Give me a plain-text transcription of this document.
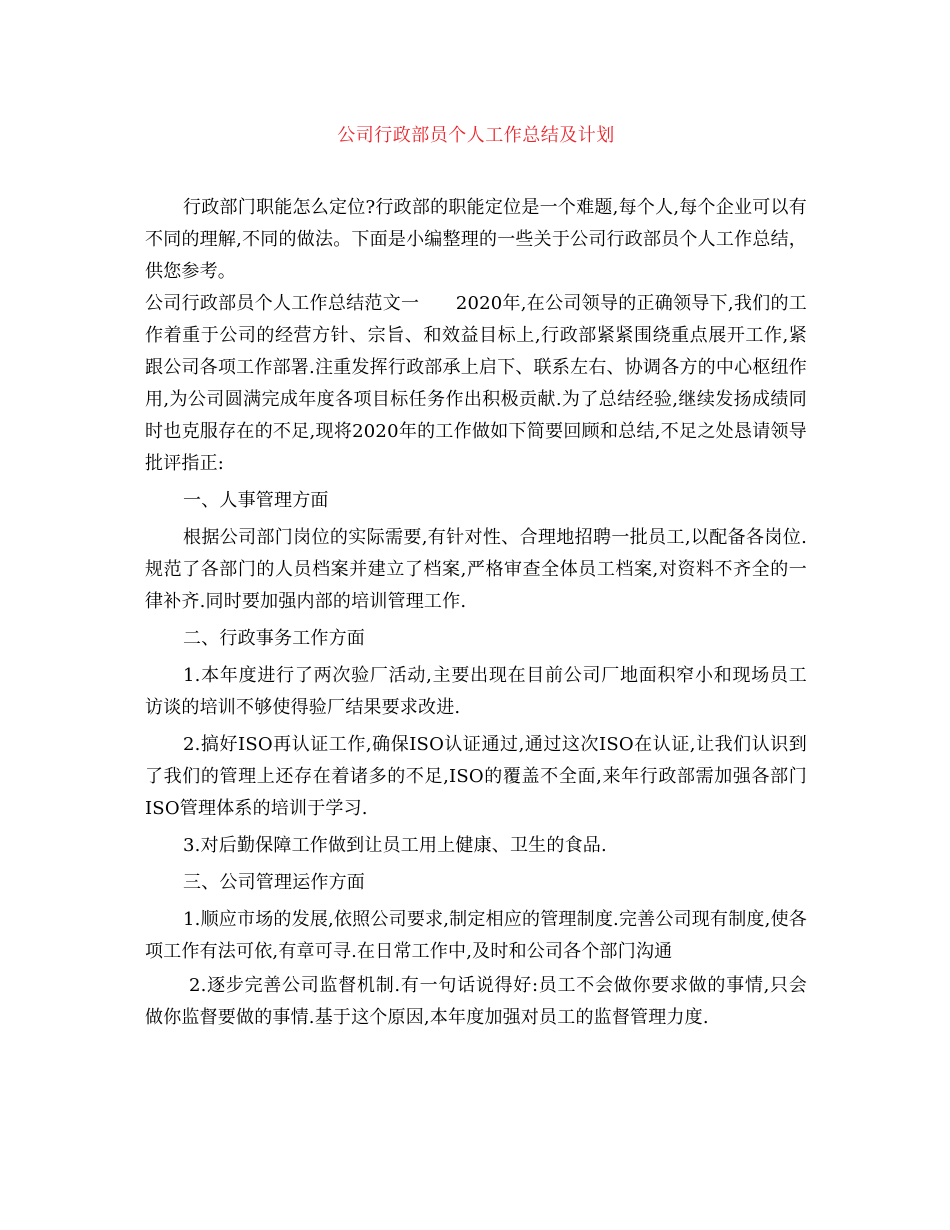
公司行政部员个人工作总结及计划

行政部门职能怎么定位?行政部的职能定位是一个难题,每个人,每个企业可以有不同的理解,不同的做法。下面是小编整理的一些关于公司行政部员个人工作总结，供您参考。

公司行政部员个人工作总结范文一　　2020年,在公司领导的正确领导下,我们的工作着重于公司的经营方针、宗旨、和效益目标上,行政部紧紧围绕重点展开工作,紧跟公司各项工作部署.注重发挥行政部承上启下、联系左右、协调各方的中心枢纽作用,为公司圆满完成年度各项目标任务作出积极贡献.为了总结经验,继续发扬成绩同时也克服存在的不足,现将2020年的工作做如下简要回顾和总结,不足之处恳请领导批评指正:

一、人事管理方面

根据公司部门岗位的实际需要,有针对性、合理地招聘一批员工,以配备各岗位.规范了各部门的人员档案并建立了档案,严格审查全体员工档案,对资料不齐全的一律补齐.同时要加强内部的培训管理工作.

二、行政事务工作方面

1.本年度进行了两次验厂活动,主要出现在目前公司厂地面积窄小和现场员工访谈的培训不够使得验厂结果要求改进.

2.搞好ISO再认证工作,确保ISO认证通过,通过这次ISO在认证,让我们认识到了我们的管理上还存在着诸多的不足,ISO的覆盖不全面,来年行政部需加强各部门ISO管理体系的培训于学习.

3.对后勤保障工作做到让员工用上健康、卫生的食品.

三、公司管理运作方面

1.顺应市场的发展,依照公司要求,制定相应的管理制度.完善公司现有制度,使各项工作有法可依,有章可寻.在日常工作中,及时和公司各个部门沟通

2.逐步完善公司监督机制.有一句话说得好:员工不会做你要求做的事情,只会做你监督要做的事情.基于这个原因,本年度加强对员工的监督管理力度.
